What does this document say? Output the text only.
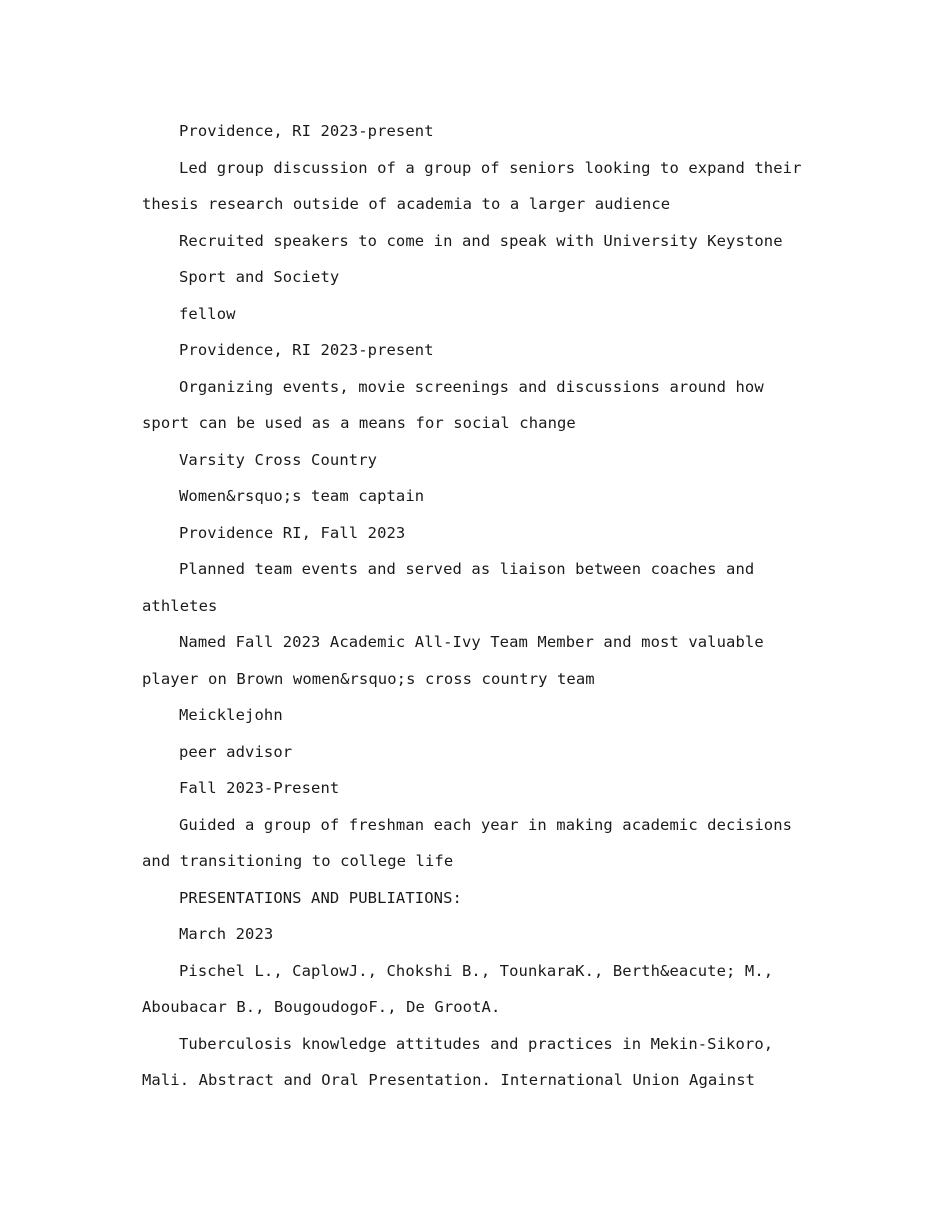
Providence, RI 2023-present

Led group discussion of a group of seniors looking to expand their thesis research outside of academia to a larger audience

Recruited speakers to come in and speak with University Keystone

Sport and Society

fellow

Providence, RI 2023-present

Organizing events, movie screenings and discussions around how sport can be used as a means for social change

Varsity Cross Country

Women&rsquo;s team captain

Providence RI, Fall 2023

Planned team events and served as liaison between coaches and athletes

Named Fall 2023 Academic All-Ivy Team Member and most valuable player on Brown women&rsquo;s cross country team

Meicklejohn

peer advisor

Fall 2023-Present

Guided a group of freshman each year in making academic decisions and transitioning to college life

PRESENTATIONS AND PUBLIATIONS:

March 2023

Pischel L., CaplowJ., Chokshi B., TounkaraK., Berth&eacute; M., Aboubacar B., BougoudogoF., De GrootA.

Tuberculosis knowledge attitudes and practices in Mekin-Sikoro, Mali. Abstract and Oral Presentation. International Union Against
